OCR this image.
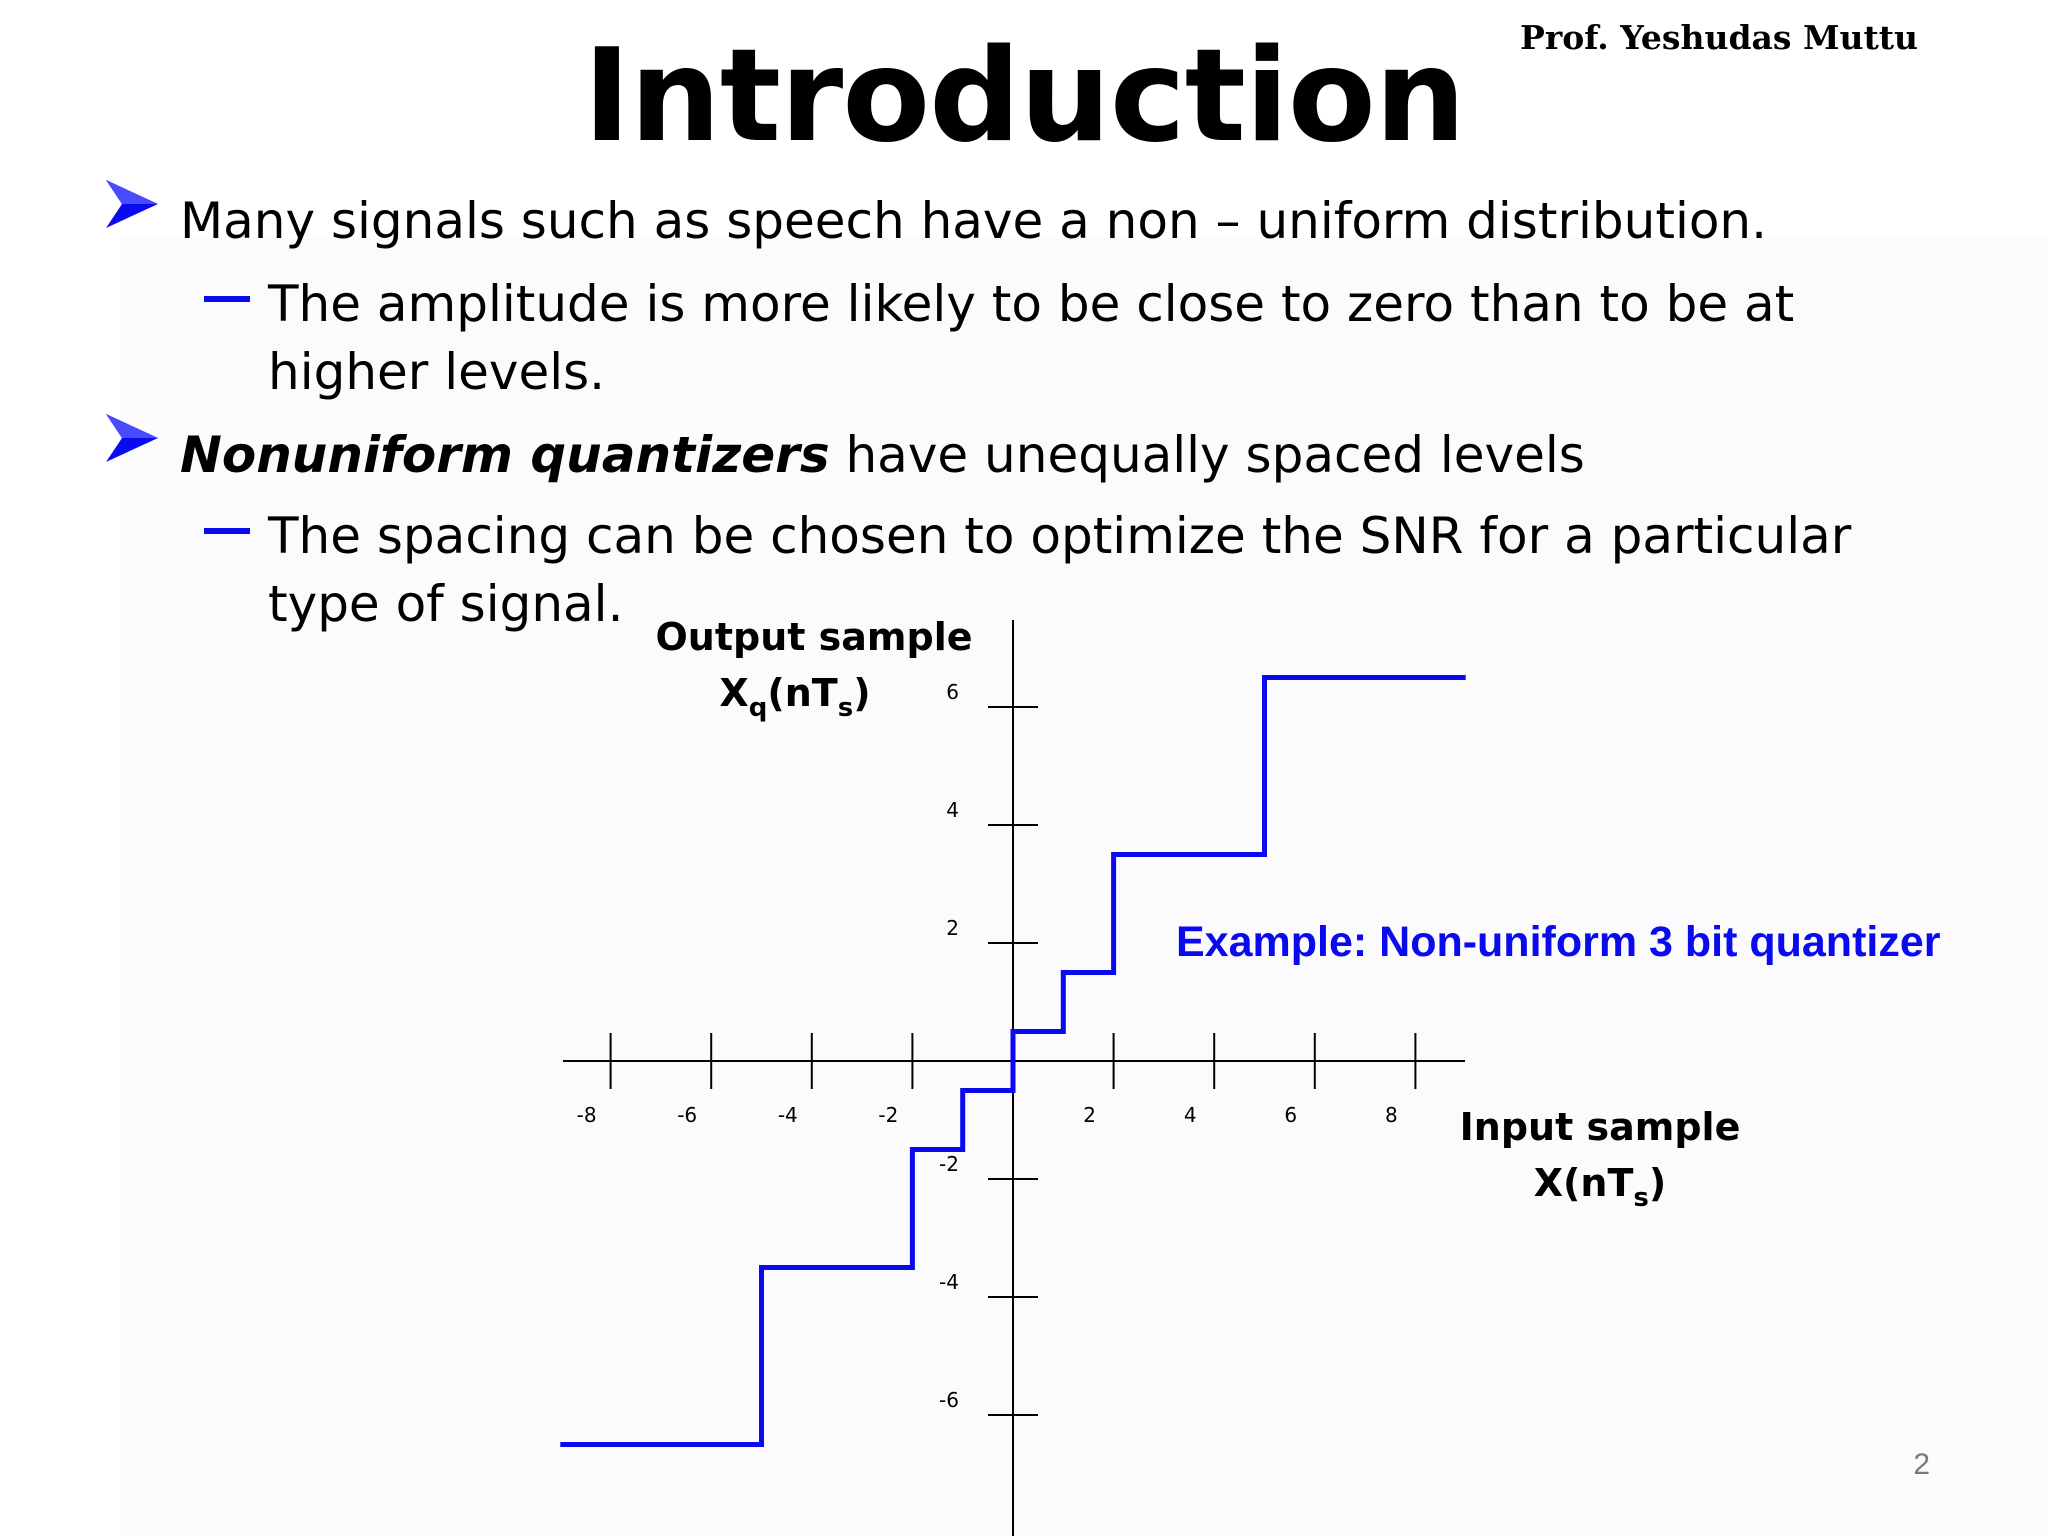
Introduction	Prof. Yeshudas Muttu
Many signals such as speech have a non – uniform distribution.
The amplitude is more likely to be close to zero than to be at higher levels.
Nonuniform quantizers have unequally spaced levels
The spacing can be chosen to optimize the SNR for a particular type of signal.
-8	-6	-4	-2	2	4	6	8
-6
-4
-2
2
4
6
Example: Non-uniform 3 bit quantizer
Output sample
$X_q(nT_s)$
Input sample
$X(nT_s)$
2
